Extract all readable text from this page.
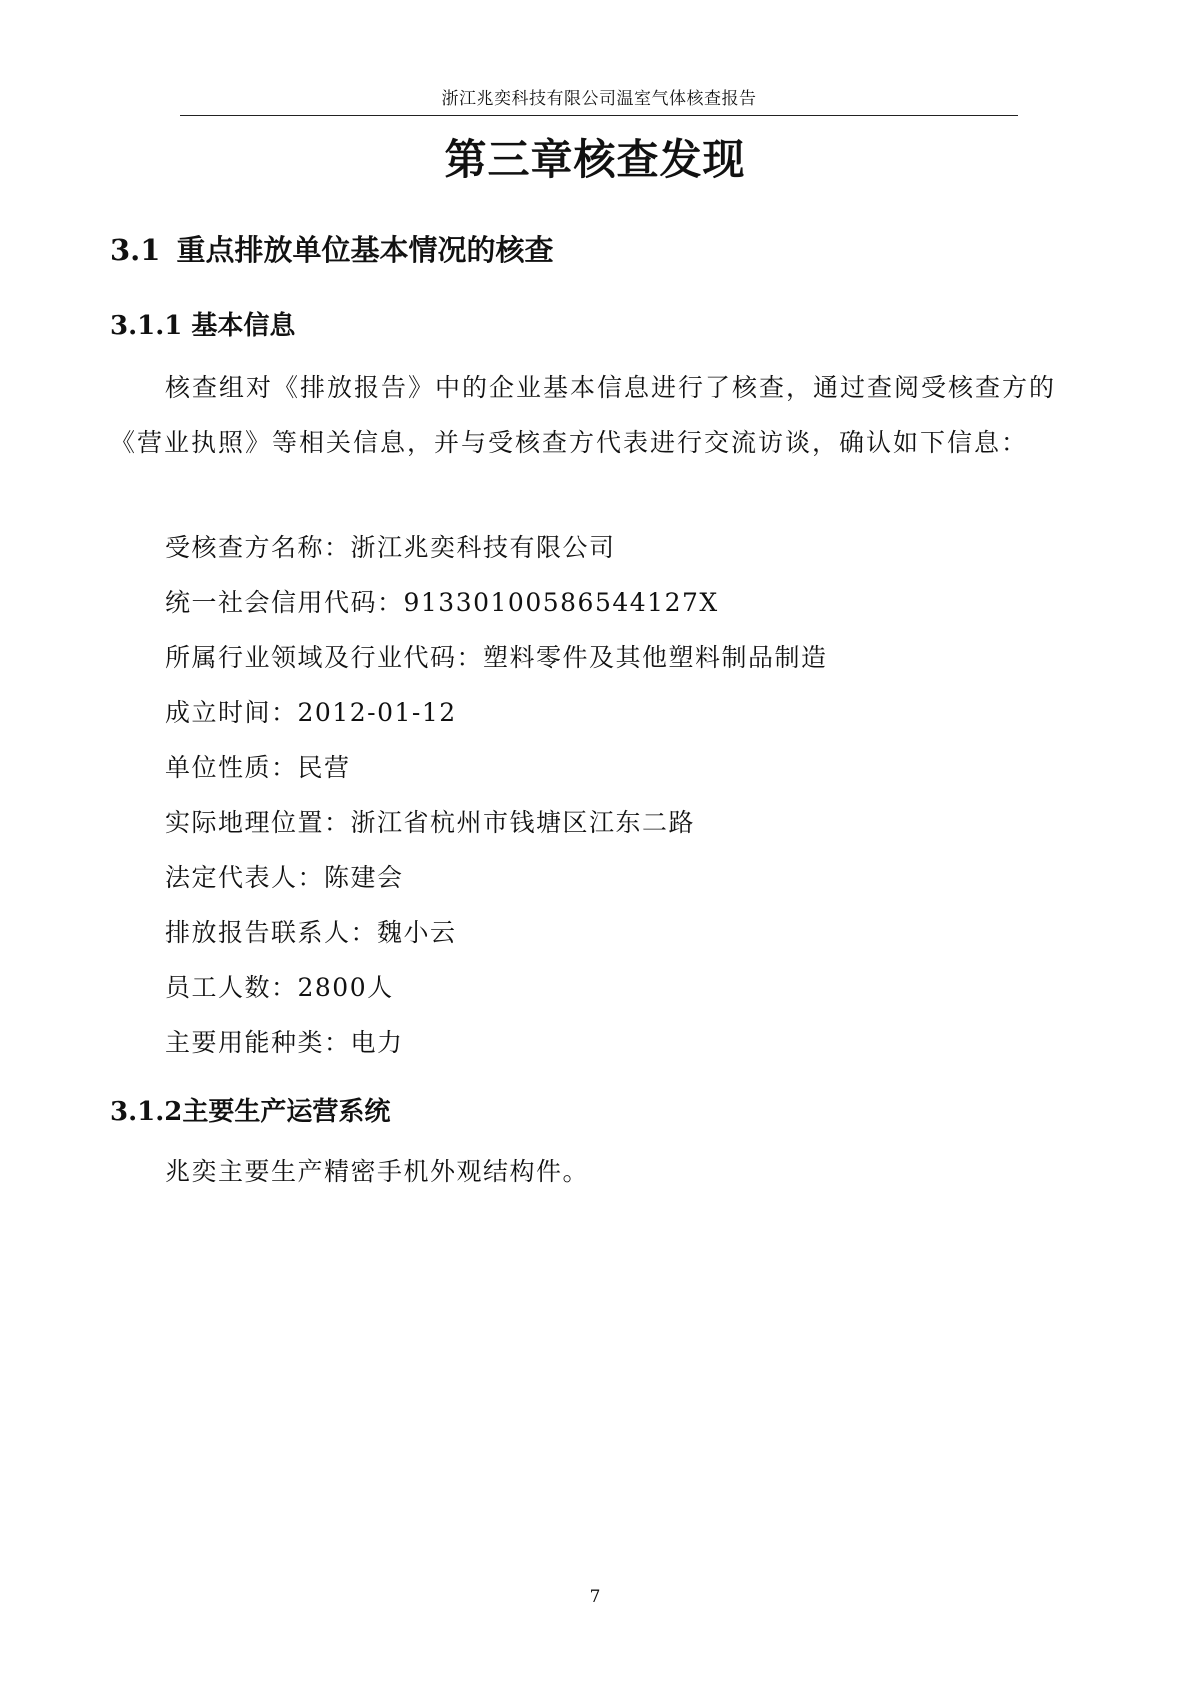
浙江兆奕科技有限公司温室气体核查报告
第三章核查发现
3.1 重点排放单位基本情况的核查
3.1.1 基本信息

核查组对《排放报告》中的企业基本信息进行了核查，通过查阅受核查方的《营业执照》等相关信息，并与受核查方代表进行交流访谈，确认如下信息：

受核查方名称：浙江兆奕科技有限公司
统一社会信用代码：91330100586544127X
所属行业领域及行业代码：塑料零件及其他塑料制品制造
成立时间：2012-01-12
单位性质：民营
实际地理位置：浙江省杭州市钱塘区江东二路
法定代表人：陈建会
排放报告联系人：魏小云
员工人数：2800人
主要用能种类：电力
3.1.2主要生产运营系统

兆奕主要生产精密手机外观结构件。

7
